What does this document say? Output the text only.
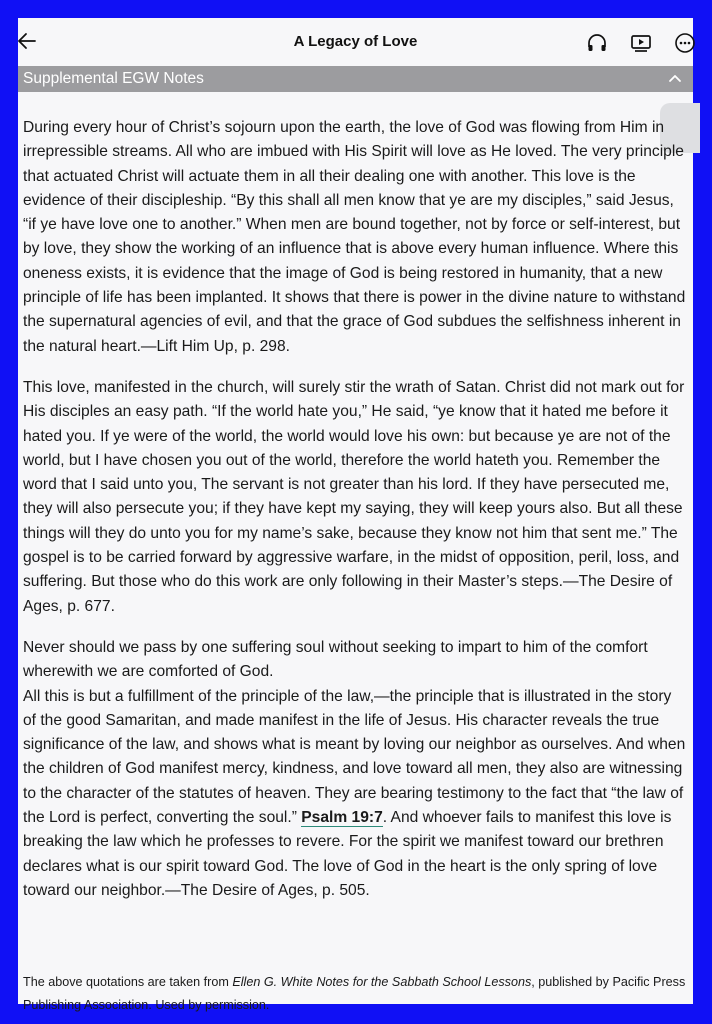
A Legacy of Love
Supplemental EGW Notes

During every hour of Christ’s sojourn upon the earth, the love of God was flowing from Him in irrepressible streams. All who are imbued with His Spirit will love as He loved. The very principle that actuated Christ will actuate them in all their dealing one with another. This love is the evidence of their discipleship. “By this shall all men know that ye are my disciples,” said Jesus, “if ye have love one to another.” When men are bound together, not by force or self-interest, but by love, they show the working of an influence that is above every human influence. Where this oneness exists, it is evidence that the image of God is being restored in humanity, that a new principle of life has been implanted. It shows that there is power in the divine nature to withstand the supernatural agencies of evil, and that the grace of God subdues the selfishness inherent in the natural heart.—Lift Him Up, p. 298.

This love, manifested in the church, will surely stir the wrath of Satan. Christ did not mark out for His disciples an easy path. “If the world hate you,” He said, “ye know that it hated me before it hated you. If ye were of the world, the world would love his own: but because ye are not of the world, but I have chosen you out of the world, therefore the world hateth you. Remember the word that I said unto you, The servant is not greater than his lord. If they have persecuted me, they will also persecute you; if they have kept my saying, they will keep yours also. But all these things will they do unto you for my name’s sake, because they know not him that sent me.” The gospel is to be carried forward by aggressive warfare, in the midst of opposition, peril, loss, and suffering. But those who do this work are only following in their Master’s steps.—The Desire of Ages, p. 677.

Never should we pass by one suffering soul without seeking to impart to him of the comfort wherewith we are comforted of God.

All this is but a fulfillment of the principle of the law,—the principle that is illustrated in the story of the good Samaritan, and made manifest in the life of Jesus. His character reveals the true significance of the law, and shows what is meant by loving our neighbor as ourselves. And when the children of God manifest mercy, kindness, and love toward all men, they also are witnessing to the character of the statutes of heaven. They are bearing testimony to the fact that “the law of the Lord is perfect, converting the soul.” Psalm 19:7. And whoever fails to manifest this love is breaking the law which he professes to revere. For the spirit we manifest toward our brethren declares what is our spirit toward God. The love of God in the heart is the only spring of love toward our neighbor.—The Desire of Ages, p. 505.

The above quotations are taken from Ellen G. White Notes for the Sabbath School Lessons, published by Pacific Press Publishing Association. Used by permission.
